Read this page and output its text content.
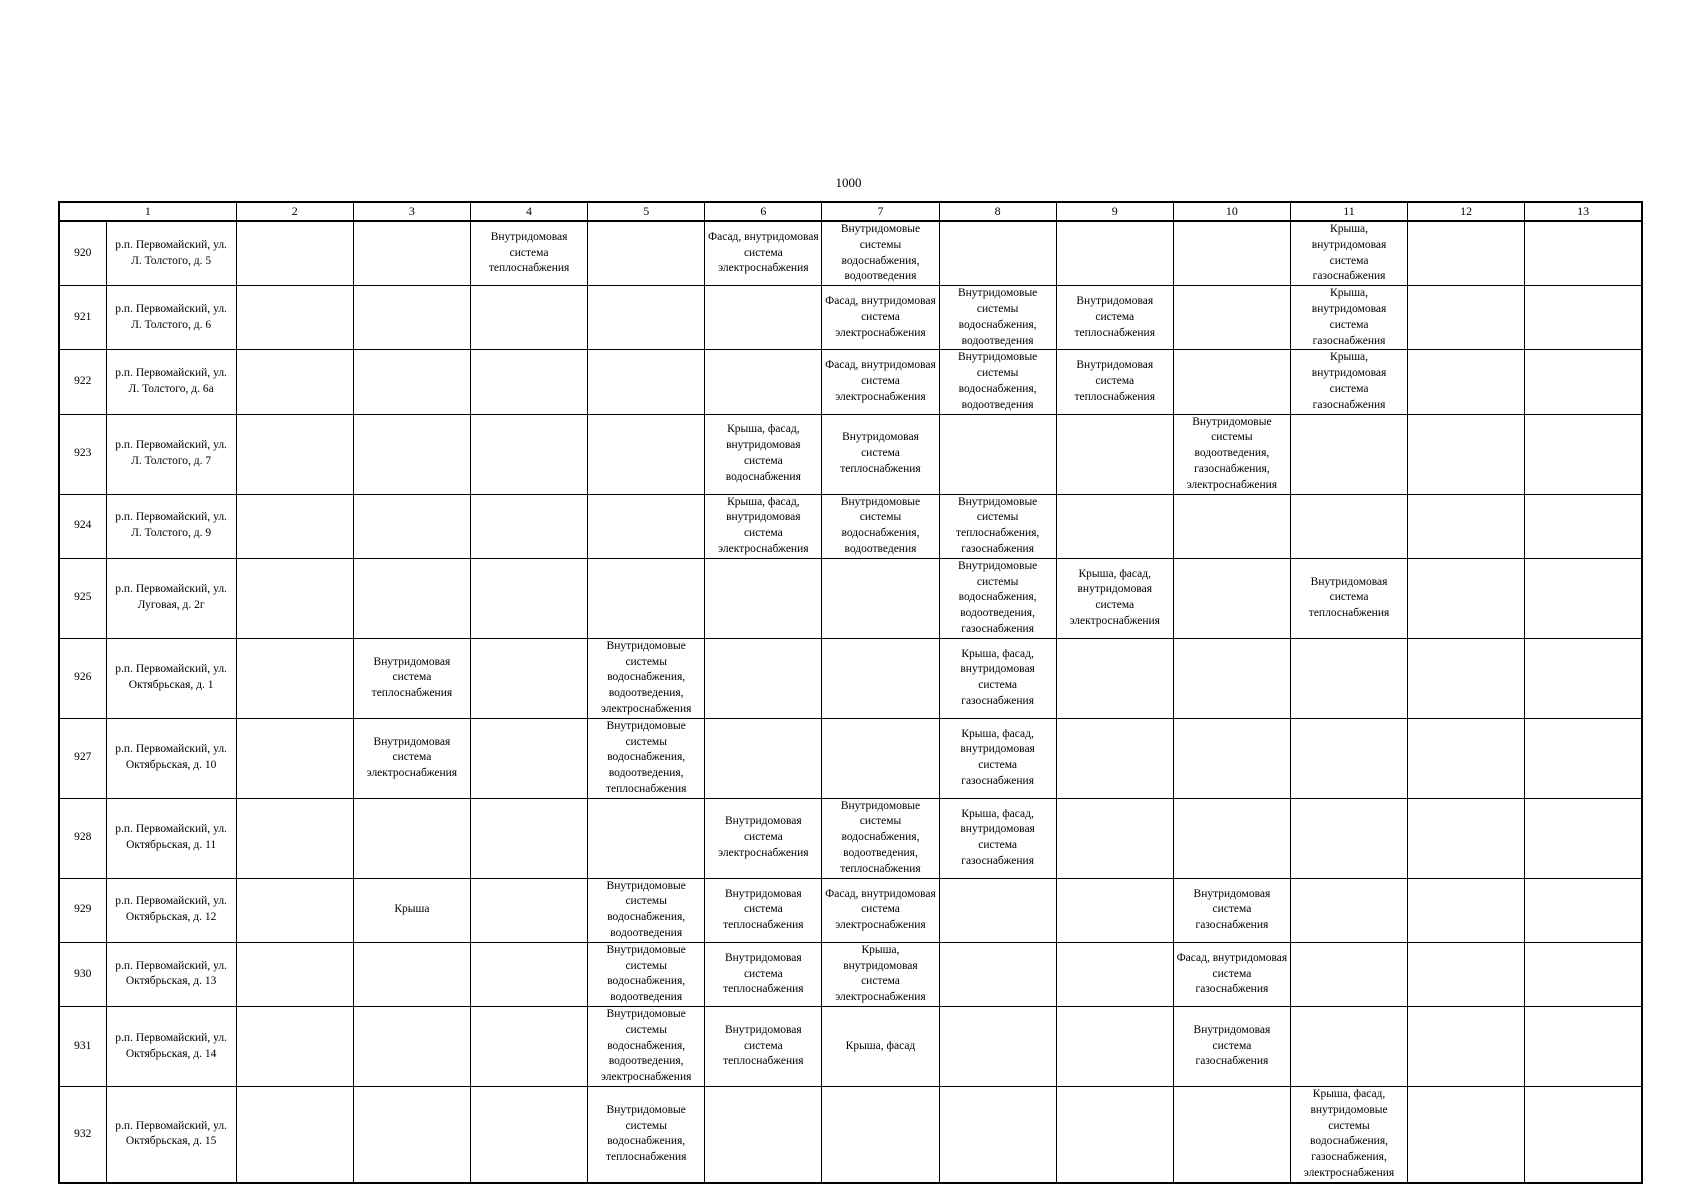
1000
1		2	3	4	5	6	7	8	9	10	11	12	13
920	р.п. Первомайский, ул. Л. Толстого, д. 5			Внутридомовая система теплоснабжения		Фасад, внутридомовая система электроснабжения	Внутридомовые системы водоснабжения, водоотведения				Крыша, внутридомовая система газоснабжения		
921	р.п. Первомайский, ул. Л. Толстого, д. 6						Фасад, внутридомовая система электроснабжения	Внутридомовые системы водоснабжения, водоотведения	Внутридомовая система теплоснабжения		Крыша, внутридомовая система газоснабжения		
922	р.п. Первомайский, ул. Л. Толстого, д. 6а						Фасад, внутридомовая система электроснабжения	Внутридомовые системы водоснабжения, водоотведения	Внутридомовая система теплоснабжения		Крыша, внутридомовая система газоснабжения		
923	р.п. Первомайский, ул. Л. Толстого, д. 7					Крыша, фасад, внутридомовая система водоснабжения	Внутридомовая система теплоснабжения			Внутридомовые системы водоотведения, газоснабжения, электроснабжения			
924	р.п. Первомайский, ул. Л. Толстого, д. 9					Крыша, фасад, внутридомовая система электроснабжения	Внутридомовые системы водоснабжения, водоотведения	Внутридомовые системы теплоснабжения, газоснабжения					
925	р.п. Первомайский, ул. Луговая, д. 2г							Внутридомовые системы водоснабжения, водоотведения, газоснабжения	Крыша, фасад, внутридомовая система электроснабжения		Внутридомовая система теплоснабжения		
926	р.п. Первомайский, ул. Октябрьская, д. 1		Внутридомовая система теплоснабжения		Внутридомовые системы водоснабжения, водоотведения, электроснабжения			Крыша, фасад, внутридомовая система газоснабжения					
927	р.п. Первомайский, ул. Октябрьская, д. 10		Внутридомовая система электроснабжения		Внутридомовые системы водоснабжения, водоотведения, теплоснабжения			Крыша, фасад, внутридомовая система газоснабжения					
928	р.п. Первомайский, ул. Октябрьская, д. 11					Внутридомовая система электроснабжения	Внутридомовые системы водоснабжения, водоотведения, теплоснабжения	Крыша, фасад, внутридомовая система газоснабжения					
929	р.п. Первомайский, ул. Октябрьская, д. 12		Крыша		Внутридомовые системы водоснабжения, водоотведения	Внутридомовая система теплоснабжения	Фасад, внутридомовая система электроснабжения			Внутридомовая система газоснабжения			
930	р.п. Первомайский, ул. Октябрьская, д. 13				Внутридомовые системы водоснабжения, водоотведения	Внутридомовая система теплоснабжения	Крыша, внутридомовая система электроснабжения			Фасад, внутридомовая система газоснабжения			
931	р.п. Первомайский, ул. Октябрьская, д. 14				Внутридомовые системы водоснабжения, водоотведения, электроснабжения	Внутридомовая система теплоснабжения	Крыша, фасад			Внутридомовая система газоснабжения			
932	р.п. Первомайский, ул. Октябрьская, д. 15				Внутридомовые системы водоснабжения, теплоснабжения						Крыша, фасад, внутридомовые системы водоснабжения, газоснабжения, электроснабжения		
